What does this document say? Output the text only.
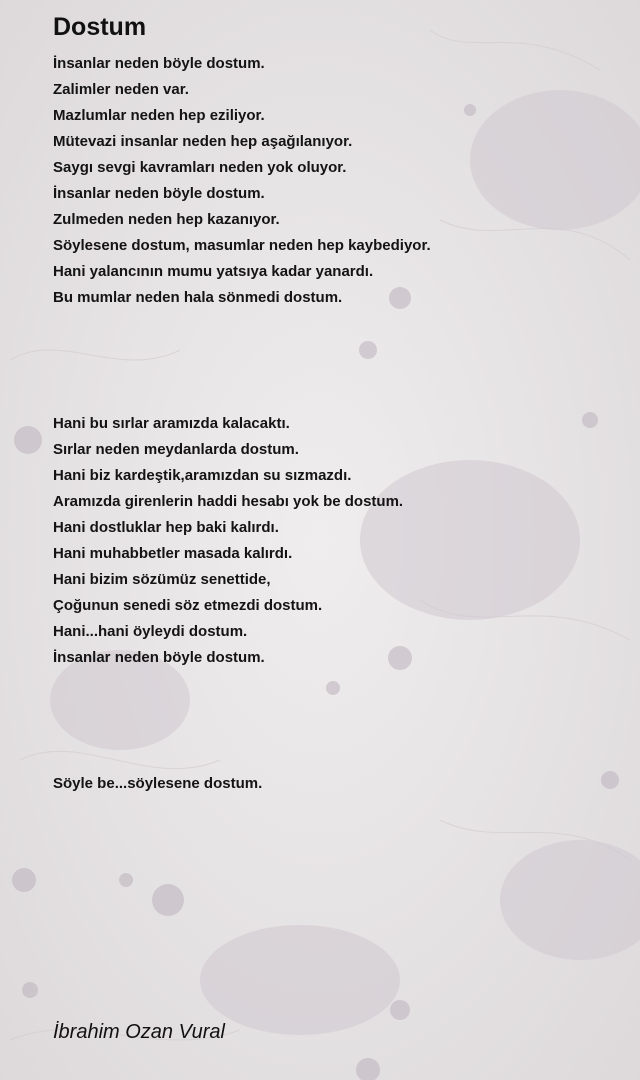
Dostum
İnsanlar neden böyle dostum.
Zalimler neden var.
Mazlumlar neden hep eziliyor.
Mütevazi insanlar neden hep aşağılanıyor.
Saygı sevgi kavramları neden yok oluyor.
İnsanlar neden böyle dostum.
Zulmeden neden hep kazanıyor.
Söylesene dostum, masumlar neden hep kaybediyor.
Hani yalancının mumu yatsıya kadar yanardı.
Bu mumlar neden hala sönmedi dostum.
Hani bu sırlar aramızda kalacaktı.
Sırlar neden meydanlarda dostum.
Hani biz kardeştik,aramızdan su sızmazdı.
Aramızda girenlerin haddi hesabı yok be dostum.
Hani dostluklar hep baki kalırdı.
Hani muhabbetler masada kalırdı.
Hani bizim sözümüz senettide,
Çoğunun senedi söz etmezdi dostum.
Hani...hani öyleydi dostum.
İnsanlar neden böyle dostum.
Söyle be...söylesene dostum.
İbrahim Ozan Vural
